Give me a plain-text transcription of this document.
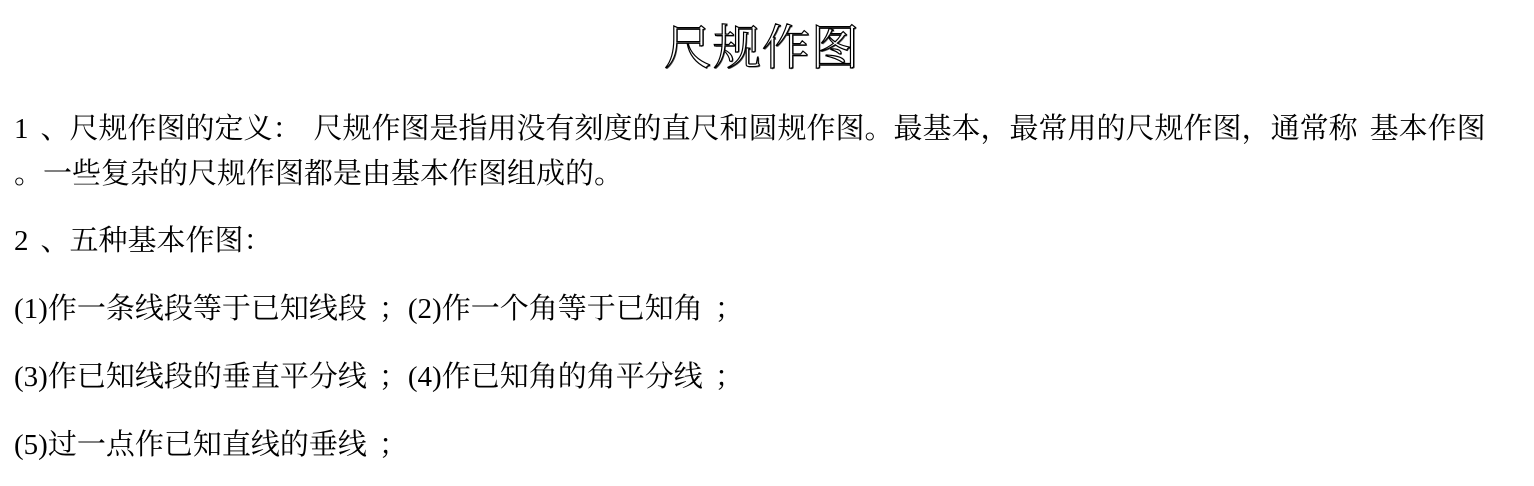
尺规作图
1 、尺规作图的定义： 尺规作图是指用没有刻度的直尺和圆规作图。最基本，最常用的尺规作图，通常称 基本作图。一些复杂的尺规作图都是由基本作图组成的。
2 、五种基本作图：
(1)作一条线段等于已知线段 ；(2)作一个角等于已知角 ；
(3)作已知线段的垂直平分线 ；(4)作已知角的角平分线 ；
(5)过一点作已知直线的垂线 ；
